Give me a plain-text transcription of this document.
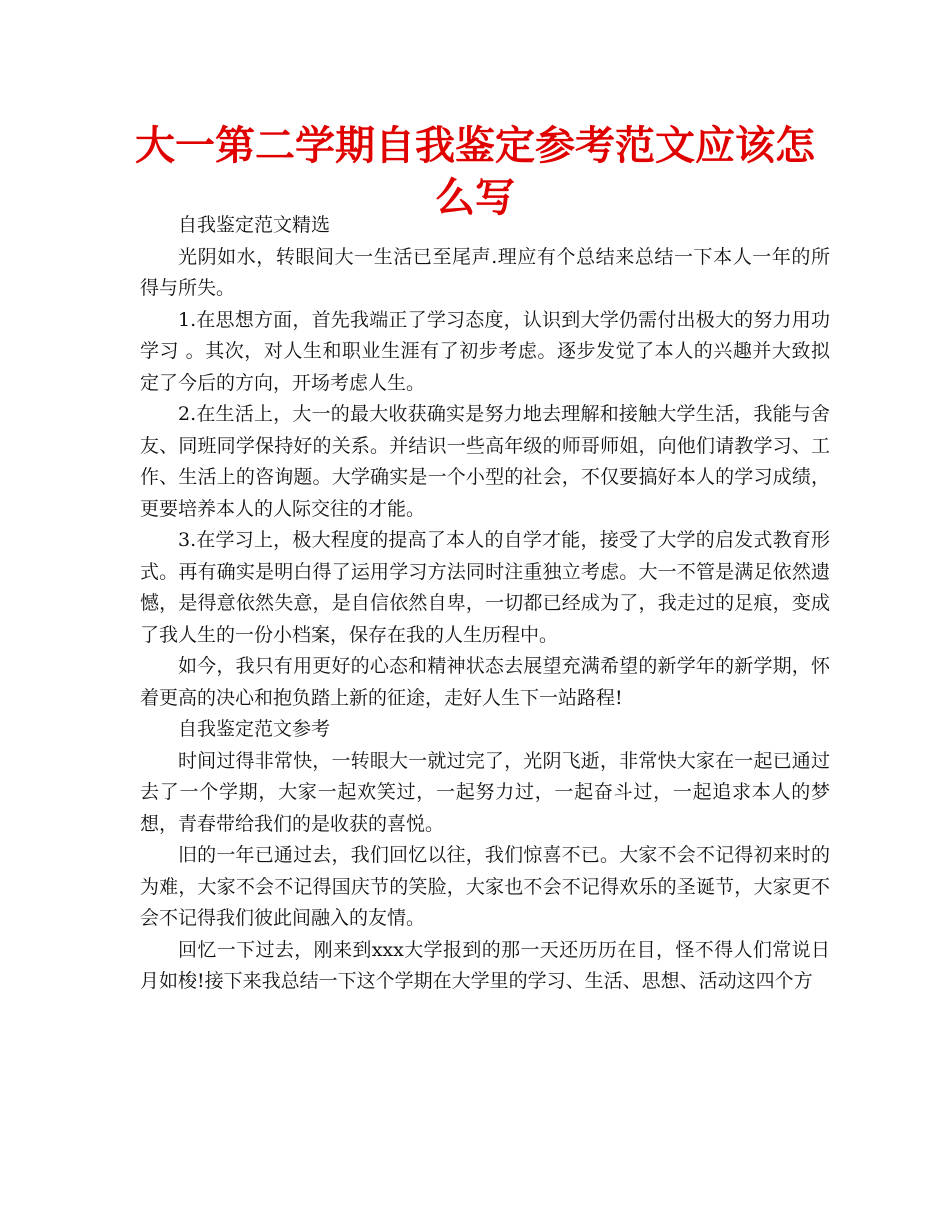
大一第二学期自我鉴定参考范文应该怎么写

自我鉴定范文精选

光阴如水，转眼间大一生活已至尾声.理应有个总结来总结一下本人一年的所得与所失。

1.在思想方面，首先我端正了学习态度，认识到大学仍需付出极大的努力用功学习 。其次，对人生和职业生涯有了初步考虑。逐步发觉了本人的兴趣并大致拟定了今后的方向，开场考虑人生。

2.在生活上，大一的最大收获确实是努力地去理解和接触大学生活，我能与舍友、同班同学保持好的关系。并结识一些高年级的师哥师姐，向他们请教学习、工作、生活上的咨询题。大学确实是一个小型的社会，不仅要搞好本人的学习成绩，更要培养本人的人际交往的才能。

3.在学习上，极大程度的提高了本人的自学才能，接受了大学的启发式教育形式。再有确实是明白得了运用学习方法同时注重独立考虑。大一不管是满足依然遗憾，是得意依然失意，是自信依然自卑，一切都已经成为了，我走过的足痕，变成了我人生的一份小档案，保存在我的人生历程中。

如今，我只有用更好的心态和精神状态去展望充满希望的新学年的新学期，怀着更高的决心和抱负踏上新的征途，走好人生下一站路程!

自我鉴定范文参考

时间过得非常快，一转眼大一就过完了，光阴飞逝，非常快大家在一起已通过去了一个学期，大家一起欢笑过，一起努力过，一起奋斗过，一起追求本人的梦想，青春带给我们的是收获的喜悦。

旧的一年已通过去，我们回忆以往，我们惊喜不已。大家不会不记得初来时的为难，大家不会不记得国庆节的笑脸，大家也不会不记得欢乐的圣诞节，大家更不会不记得我们彼此间融入的友情。

回忆一下过去，刚来到xxx大学报到的那一天还历历在目，怪不得人们常说日月如梭!接下来我总结一下这个学期在大学里的学习、生活、思想、活动这四个方
